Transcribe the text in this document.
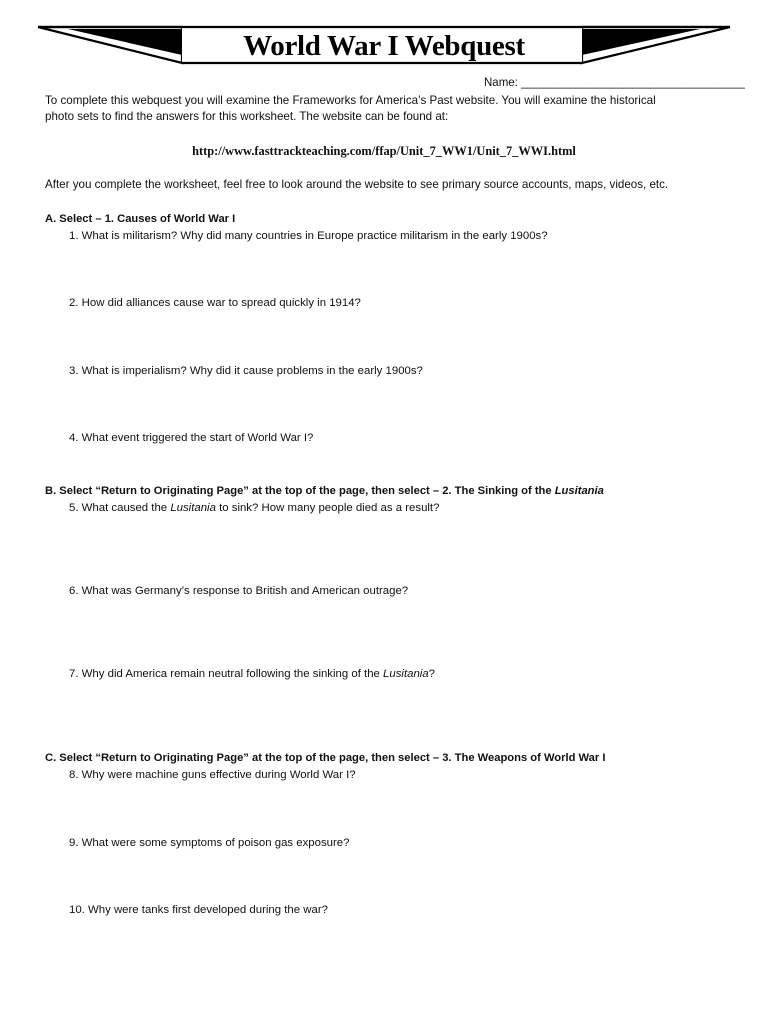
World War I Webquest
Name: ___________________________________
To complete this webquest you will examine the Frameworks for America’s Past website. You will examine the historical
photo sets to find the answers for this worksheet. The website can be found at:
http://www.fasttrackteaching.com/ffap/Unit_7_WW1/Unit_7_WWI.html
After you complete the worksheet, feel free to look around the website to see primary source accounts, maps, videos, etc.
A. Select – 1. Causes of World War I
1. What is militarism? Why did many countries in Europe practice militarism in the early 1900s?
2. How did alliances cause war to spread quickly in 1914?
3. What is imperialism? Why did it cause problems in the early 1900s?
4. What event triggered the start of World War I?
B. Select “Return to Originating Page” at the top of the page, then select – 2. The Sinking of the Lusitania
5. What caused the Lusitania to sink? How many people died as a result?
6. What was Germany’s response to British and American outrage?
7. Why did America remain neutral following the sinking of the Lusitania?
C. Select “Return to Originating Page” at the top of the page, then select – 3. The Weapons of World War I
8. Why were machine guns effective during World War I?
9. What were some symptoms of poison gas exposure?
10. Why were tanks first developed during the war?
